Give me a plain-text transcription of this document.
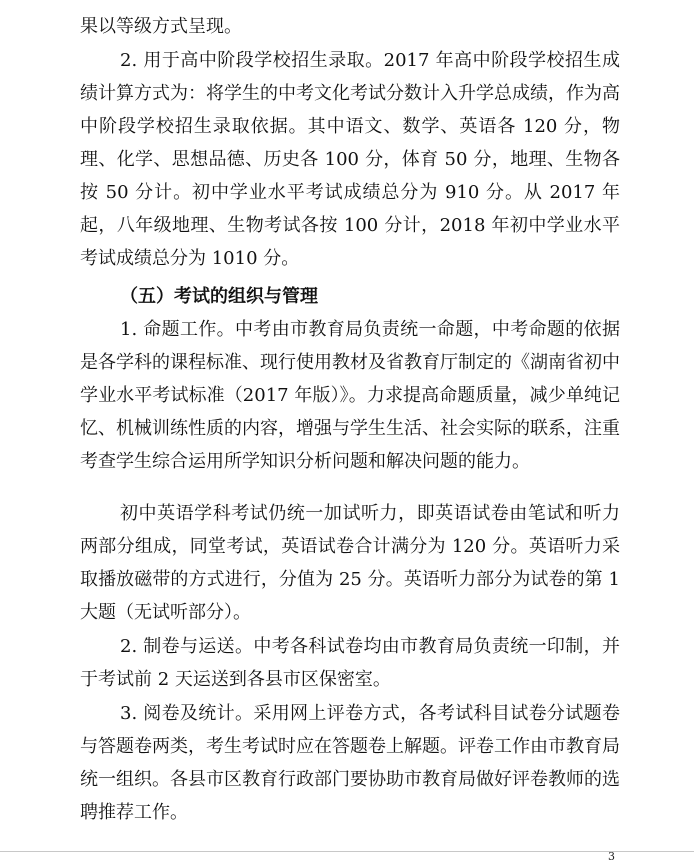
果以等级方式呈现。
2. 用于高中阶段学校招生录取。2017 年高中阶段学校招生成绩计算方式为：将学生的中考文化考试分数计入升学总成绩，作为高中阶段学校招生录取依据。其中语文、数学、英语各 120 分，物理、化学、思想品德、历史各 100 分，体育 50 分，地理、生物各按 50 分计。初中学业水平考试成绩总分为 910 分。从 2017 年起，八年级地理、生物考试各按 100 分计，2018 年初中学业水平考试成绩总分为 1010 分。
（五）考试的组织与管理
1. 命题工作。中考由市教育局负责统一命题，中考命题的依据是各学科的课程标准、现行使用教材及省教育厅制定的《湖南省初中学业水平考试标准（2017 年版）》。力求提高命题质量，减少单纯记忆、机械训练性质的内容，增强与学生生活、社会实际的联系，注重考查学生综合运用所学知识分析问题和解决问题的能力。
初中英语学科考试仍统一加试听力，即英语试卷由笔试和听力两部分组成，同堂考试，英语试卷合计满分为 120 分。英语听力采取播放磁带的方式进行，分值为 25 分。英语听力部分为试卷的第 1 大题（无试听部分）。
2. 制卷与运送。中考各科试卷均由市教育局负责统一印制，并于考试前 2 天运送到各县市区保密室。
3. 阅卷及统计。采用网上评卷方式，各考试科目试卷分试题卷与答题卷两类，考生考试时应在答题卷上解题。评卷工作由市教育局统一组织。各县市区教育行政部门要协助市教育局做好评卷教师的选聘推荐工作。
3
